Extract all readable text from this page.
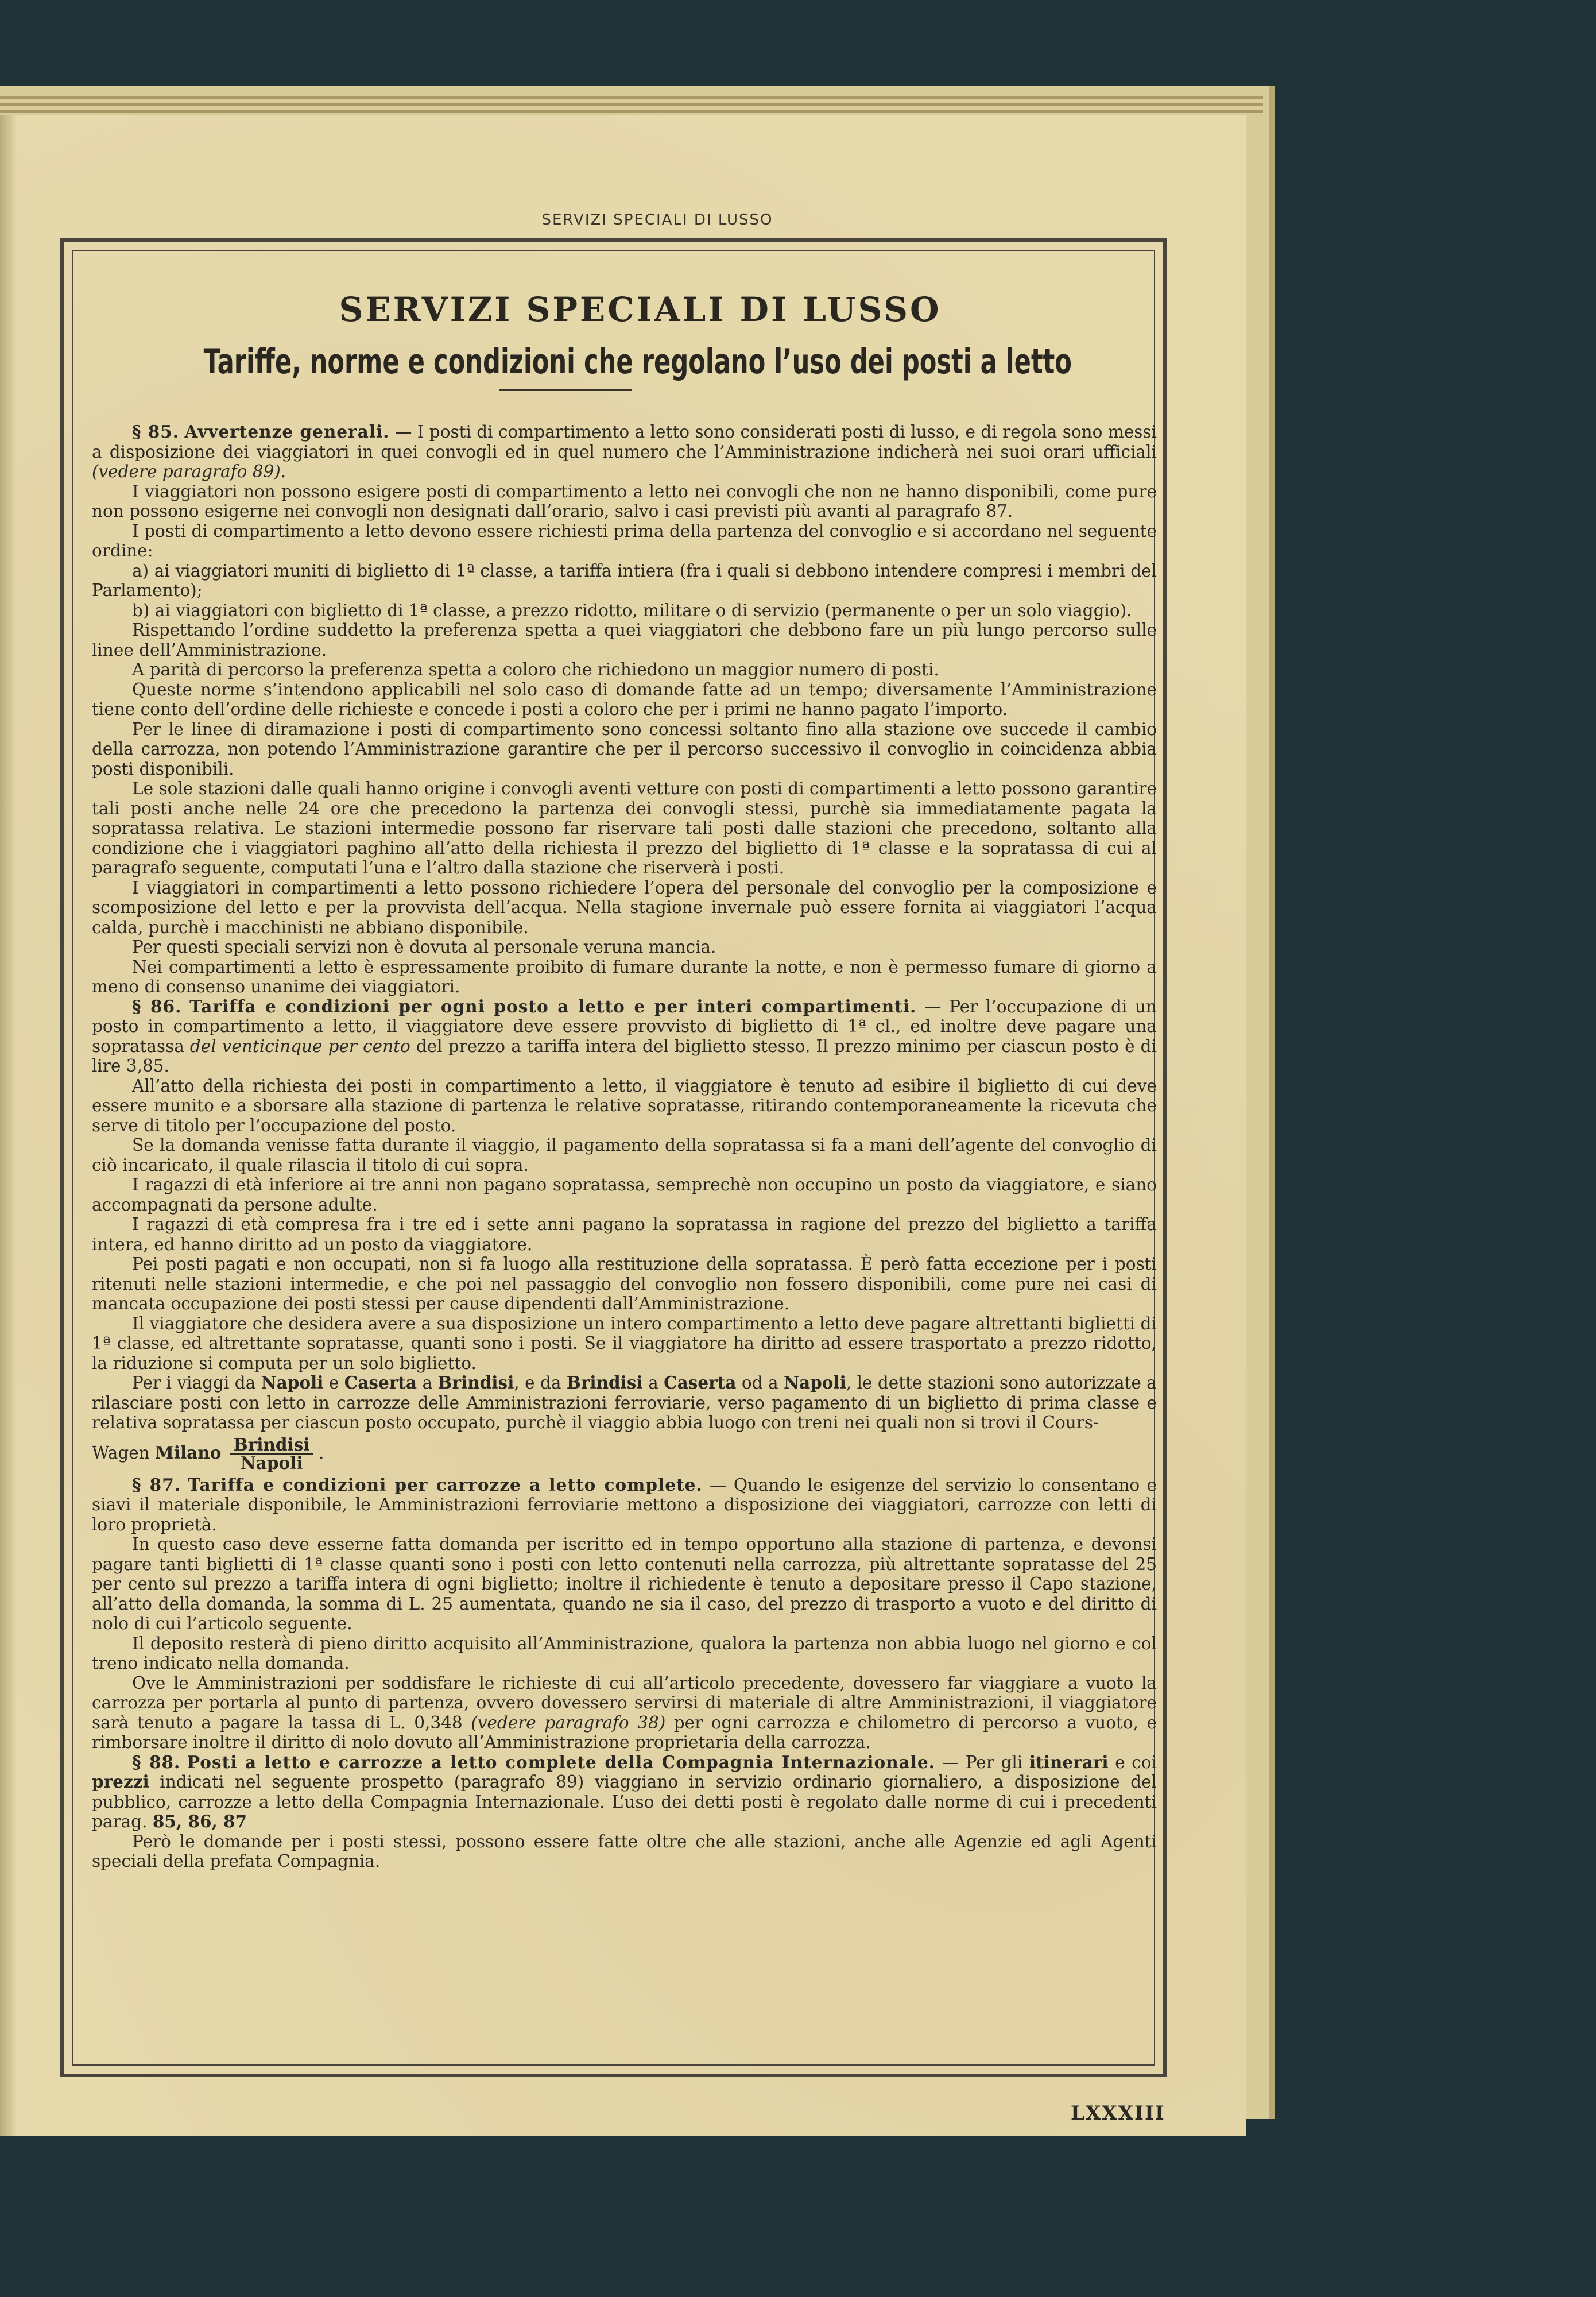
SERVIZI SPECIALI DI LUSSO
SERVIZI SPECIALI DI LUSSO
Tariffe, norme e condizioni che regolano l’uso dei posti a letto

§ 85. Avvertenze generali. — I posti di compartimento a letto sono considerati posti di lusso, e di regola sono messi a disposizione dei viaggiatori in quei convogli ed in quel numero che l’Amministrazione indicherà nei suoi orari ufficiali (vedere paragrafo 89).

I viaggiatori non possono esigere posti di compartimento a letto nei convogli che non ne hanno disponibili, come pure non possono esigerne nei convogli non designati dall’orario, salvo i casi previsti più avanti al paragrafo 87.

I posti di compartimento a letto devono essere richiesti prima della partenza del convoglio e si accordano nel seguente ordine:

a) ai viaggiatori muniti di biglietto di 1ª classe, a tariffa intiera (fra i quali si debbono intendere compresi i membri del Parlamento);

b) ai viaggiatori con biglietto di 1ª classe, a prezzo ridotto, militare o di servizio (permanente o per un solo viaggio).

Rispettando l’ordine suddetto la preferenza spetta a quei viaggiatori che debbono fare un più lungo percorso sulle linee dell’Amministrazione.

A parità di percorso la preferenza spetta a coloro che richiedono un maggior numero di posti.

Queste norme s’intendono applicabili nel solo caso di domande fatte ad un tempo; diversamente l’Amministrazione tiene conto dell’ordine delle richieste e concede i posti a coloro che per i primi ne hanno pagato l’importo.

Per le linee di diramazione i posti di compartimento sono concessi soltanto fino alla stazione ove succede il cambio della carrozza, non potendo l’Amministrazione garantire che per il percorso successivo il convoglio in coincidenza abbia posti disponibili.

Le sole stazioni dalle quali hanno origine i convogli aventi vetture con posti di compartimenti a letto possono garantire tali posti anche nelle 24 ore che precedono la partenza dei convogli stessi, purchè sia immediatamente pagata la sopratassa relativa. Le stazioni intermedie possono far riservare tali posti dalle stazioni che precedono, soltanto alla condizione che i viaggiatori paghino all’atto della richiesta il prezzo del biglietto di 1ª classe e la sopratassa di cui al paragrafo seguente, computati l’una e l’altro dalla stazione che riserverà i posti.

I viaggiatori in compartimenti a letto possono richiedere l’opera del personale del convoglio per la composizione e scomposizione del letto e per la provvista dell’acqua. Nella stagione invernale può essere fornita ai viaggiatori l’acqua calda, purchè i macchinisti ne abbiano disponibile.

Per questi speciali servizi non è dovuta al personale veruna mancia.

Nei compartimenti a letto è espressamente proibito di fumare durante la notte, e non è permesso fumare di giorno a meno di consenso unanime dei viaggiatori.

§ 86. Tariffa e condizioni per ogni posto a letto e per interi compartimenti. — Per l’occupazione di un posto in compartimento a letto, il viaggiatore deve essere provvisto di biglietto di 1ª cl., ed inoltre deve pagare una sopratassa del venticinque per cento del prezzo a tariffa intera del biglietto stesso. Il prezzo minimo per ciascun posto è di lire 3,85.

All’atto della richiesta dei posti in compartimento a letto, il viaggiatore è tenuto ad esibire il biglietto di cui deve essere munito e a sborsare alla stazione di partenza le relative sopratasse, ritirando contemporaneamente la ricevuta che serve di titolo per l’occupazione del posto.

Se la domanda venisse fatta durante il viaggio, il pagamento della sopratassa si fa a mani dell’agente del convoglio di ciò incaricato, il quale rilascia il titolo di cui sopra.

I ragazzi di età inferiore ai tre anni non pagano sopratassa, semprechè non occupino un posto da viaggiatore, e siano accompagnati da persone adulte.

I ragazzi di età compresa fra i tre ed i sette anni pagano la sopratassa in ragione del prezzo del biglietto a tariffa intera, ed hanno diritto ad un posto da viaggiatore.

Pei posti pagati e non occupati, non si fa luogo alla restituzione della sopratassa. È però fatta eccezione per i posti ritenuti nelle stazioni intermedie, e che poi nel passaggio del convoglio non fossero disponibili, come pure nei casi di mancata occupazione dei posti stessi per cause dipendenti dall’Amministrazione.

Il viaggiatore che desidera avere a sua disposizione un intero compartimento a letto deve pagare altrettanti biglietti di 1ª classe, ed altrettante sopratasse, quanti sono i posti. Se il viaggiatore ha diritto ad essere trasportato a prezzo ridotto, la riduzione si computa per un solo biglietto.

Per i viaggi da Napoli e Caserta a Brindisi, e da Brindisi a Caserta od a Napoli, le dette stazioni sono autorizzate a rilasciare posti con letto in carrozze delle Amministrazioni ferroviarie, verso pagamento di un biglietto di prima classe e relativa sopratassa per ciascun posto occupato, purchè il viaggio abbia luogo con treni nei quali non si trovi il Cours-

Wagen Milano $\frac{\text{Brindisi}}{\text{Napoli}}$ .

§ 87. Tariffa e condizioni per carrozze a letto complete. — Quando le esigenze del servizio lo consentano e siavi il materiale disponibile, le Amministrazioni ferroviarie mettono a disposizione dei viaggiatori, carrozze con letti di loro proprietà.

In questo caso deve esserne fatta domanda per iscritto ed in tempo opportuno alla stazione di partenza, e devonsi pagare tanti biglietti di 1ª classe quanti sono i posti con letto contenuti nella carrozza, più altrettante sopratasse del 25 per cento sul prezzo a tariffa intera di ogni biglietto; inoltre il richiedente è tenuto a depositare presso il Capo stazione, all’atto della domanda, la somma di L. 25 aumentata, quando ne sia il caso, del prezzo di trasporto a vuoto e del diritto di nolo di cui l’articolo seguente.

Il deposito resterà di pieno diritto acquisito all’Amministrazione, qualora la partenza non abbia luogo nel giorno e col treno indicato nella domanda.

Ove le Amministrazioni per soddisfare le richieste di cui all’articolo precedente, dovessero far viaggiare a vuoto la carrozza per portarla al punto di partenza, ovvero dovessero servirsi di materiale di altre Amministrazioni, il viaggiatore sarà tenuto a pagare la tassa di L. 0,348 (vedere paragrafo 38) per ogni carrozza e chilometro di percorso a vuoto, e rimborsare inoltre il diritto di nolo dovuto all’Amministrazione proprietaria della carrozza.

§ 88. Posti a letto e carrozze a letto complete della Compagnia Internazionale. — Per gli itinerari e coi prezzi indicati nel seguente prospetto (paragrafo 89) viaggiano in servizio ordinario giornaliero, a disposizione del pubblico, carrozze a letto della Compagnia Internazionale. L’uso dei detti posti è regolato dalle norme di cui i precedenti parag. 85, 86, 87

Però le domande per i posti stessi, possono essere fatte oltre che alle stazioni, anche alle Agenzie ed agli Agenti speciali della prefata Compagnia.

LXXXIII
